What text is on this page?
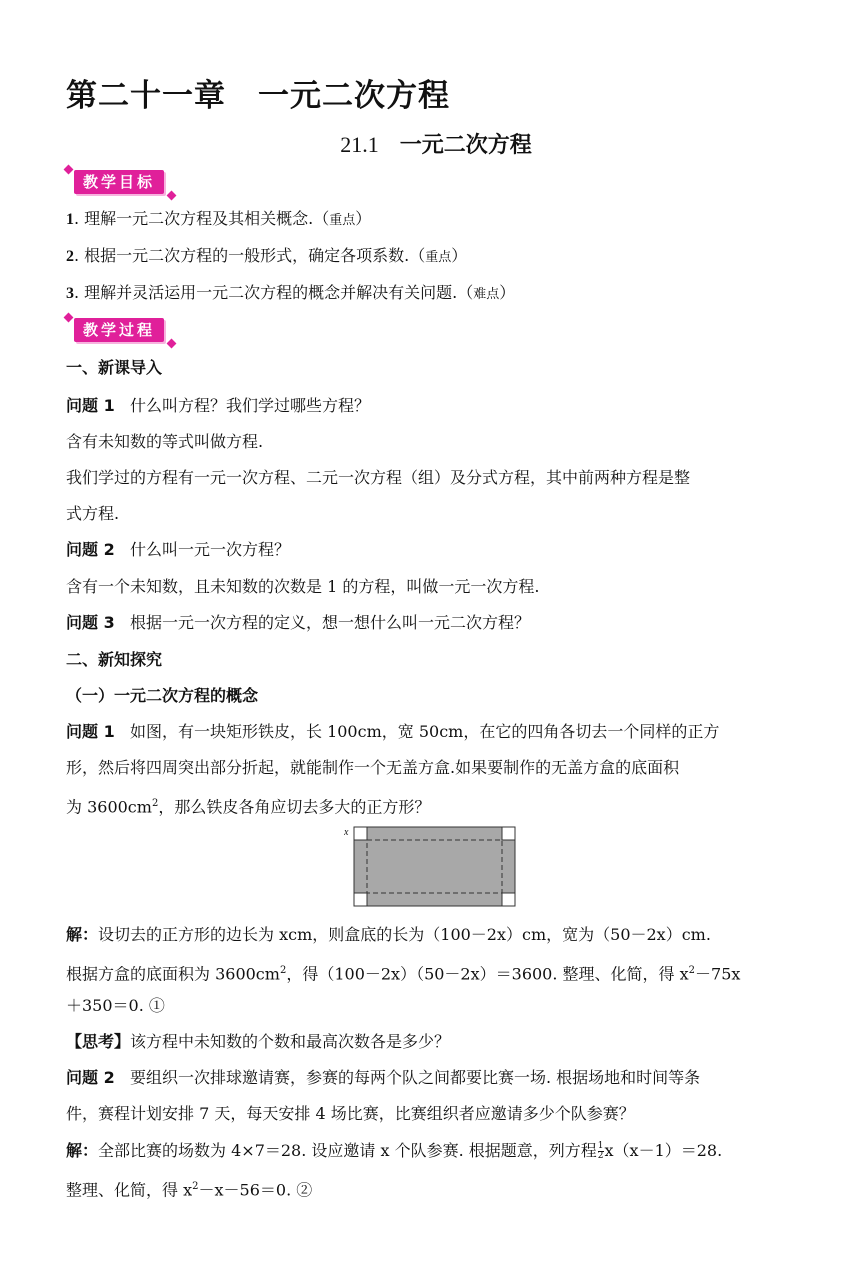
第二十一章　一元二次方程
21.1 一元二次方程
教学目标
1. 理解一元二次方程及其相关概念.（重点）
2. 根据一元二次方程的一般形式，确定各项系数.（重点）
3. 理解并灵活运用一元二次方程的概念并解决有关问题.（难点）
教学过程
一、新课导入
问题 1 什么叫方程？我们学过哪些方程？
含有未知数的等式叫做方程.
我们学过的方程有一元一次方程、二元一次方程（组）及分式方程，其中前两种方程是整
式方程.
问题 2 什么叫一元一次方程？
含有一个未知数，且未知数的次数是 1 的方程，叫做一元一次方程.
问题 3 根据一元一次方程的定义，想一想什么叫一元二次方程？
二、新知探究
（一）一元二次方程的概念
问题 1 如图，有一块矩形铁皮，长 100cm，宽 50cm，在它的四角各切去一个同样的正方
形，然后将四周突出部分折起，就能制作一个无盖方盒.如果要制作的无盖方盒的底面积
为 $3600cm^2$，那么铁皮各角应切去多大的正方形？
x
解：设切去的正方形的边长为 xcm，则盒底的长为（100－2x）cm，宽为（50－2x）cm.
根据方盒的底面积为 $3600cm^2$，得（100－2x）（50－2x）＝3600. 整理、化简，得 $x^2-75x$
＋350＝0. ①
【思考】该方程中未知数的个数和最高次数各是多少？
问题 2 要组织一次排球邀请赛，参赛的每两个队之间都要比赛一场. 根据场地和时间等条
件，赛程计划安排 7 天，每天安排 4 场比赛，比赛组织者应邀请多少个队参赛？
解：全部比赛的场数为 4×7＝28. 设应邀请 x 个队参赛. 根据题意，列方程 $\frac{1}{2} x(x-1)=28$.
整理、化简，得 $x^2-x-56=0$. ②
